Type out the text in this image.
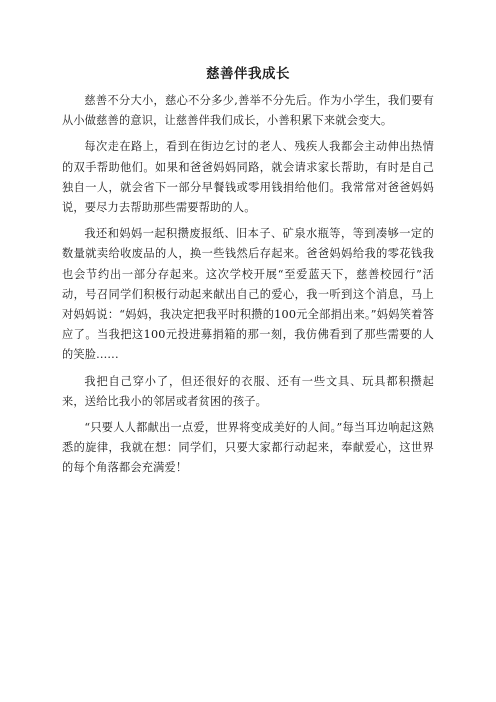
慈善伴我成长

慈善不分大小，慈心不分多少,善举不分先后。作为小学生，我们要有从小做慈善的意识，让慈善伴我们成长，小善积累下来就会变大。

每次走在路上，看到在街边乞讨的老人、残疾人我都会主动伸出热情的双手帮助他们。如果和爸爸妈妈同路，就会请求家长帮助，有时是自己独自一人，就会省下一部分早餐钱或零用钱捐给他们。我常常对爸爸妈妈说，要尽力去帮助那些需要帮助的人。

我还和妈妈一起积攒废报纸、旧本子、矿泉水瓶等，等到凑够一定的数量就卖给收废品的人，换一些钱然后存起来。爸爸妈妈给我的零花钱我也会节约出一部分存起来。这次学校开展“至爱蓝天下，慈善校园行”活动，号召同学们积极行动起来献出自己的爱心，我一听到这个消息，马上对妈妈说：“妈妈，我决定把我平时积攒的100元全部捐出来。”妈妈笑着答应了。当我把这100元投进募捐箱的那一刻，我仿佛看到了那些需要的人的笑脸......

我把自己穿小了，但还很好的衣服、还有一些文具、玩具都积攒起来，送给比我小的邻居或者贫困的孩子。

“只要人人都献出一点爱，世界将变成美好的人间。”每当耳边响起这熟悉的旋律，我就在想：同学们，只要大家都行动起来，奉献爱心，这世界的每个角落都会充满爱！
